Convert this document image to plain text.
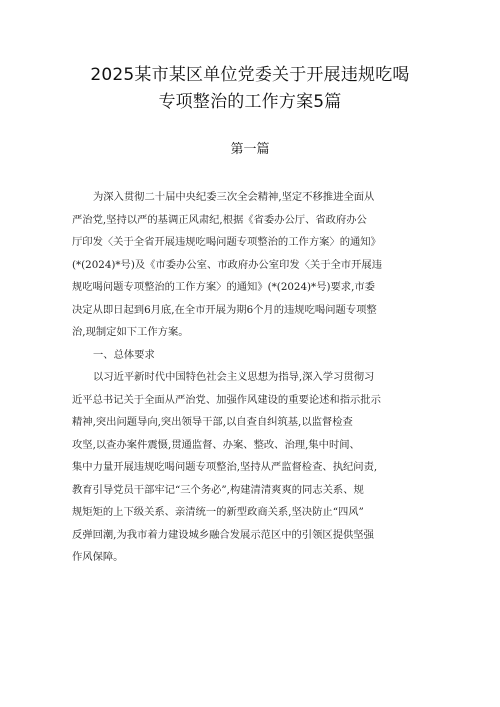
2025某市某区单位党委关于开展违规吃喝
专项整治的工作方案5篇
第一篇
为深入贯彻二十届中央纪委三次全会精神,坚定不移推进全面从
严治党,坚持以严的基调正风肃纪,根据《省委办公厅、省政府办公
厅印发〈关于全省开展违规吃喝问题专项整治的工作方案〉的通知》
(*(2024)*号)及《市委办公室、市政府办公室印发〈关于全市开展违
规吃喝问题专项整治的工作方案〉的通知》(*(2024)*号)要求,市委
决定从即日起到6月底,在全市开展为期6个月的违规吃喝问题专项整
治,现制定如下工作方案。
一、总体要求
以习近平新时代中国特色社会主义思想为指导,深入学习贯彻习
近平总书记关于全面从严治党、加强作风建设的重要论述和指示批示
精神,突出问题导向,突出领导干部,以自查自纠筑基,以监督检查
攻坚,以查办案件震慑,贯通监督、办案、整改、治理,集中时间、
集中力量开展违规吃喝问题专项整治,坚持从严监督检查、执纪问责,
教育引导党员干部牢记“三个务必”,构建清清爽爽的同志关系、规
规矩矩的上下级关系、亲清统一的新型政商关系,坚决防止“四风”
反弹回潮,为我市着力建设城乡融合发展示范区中的引领区提供坚强
作风保障。
